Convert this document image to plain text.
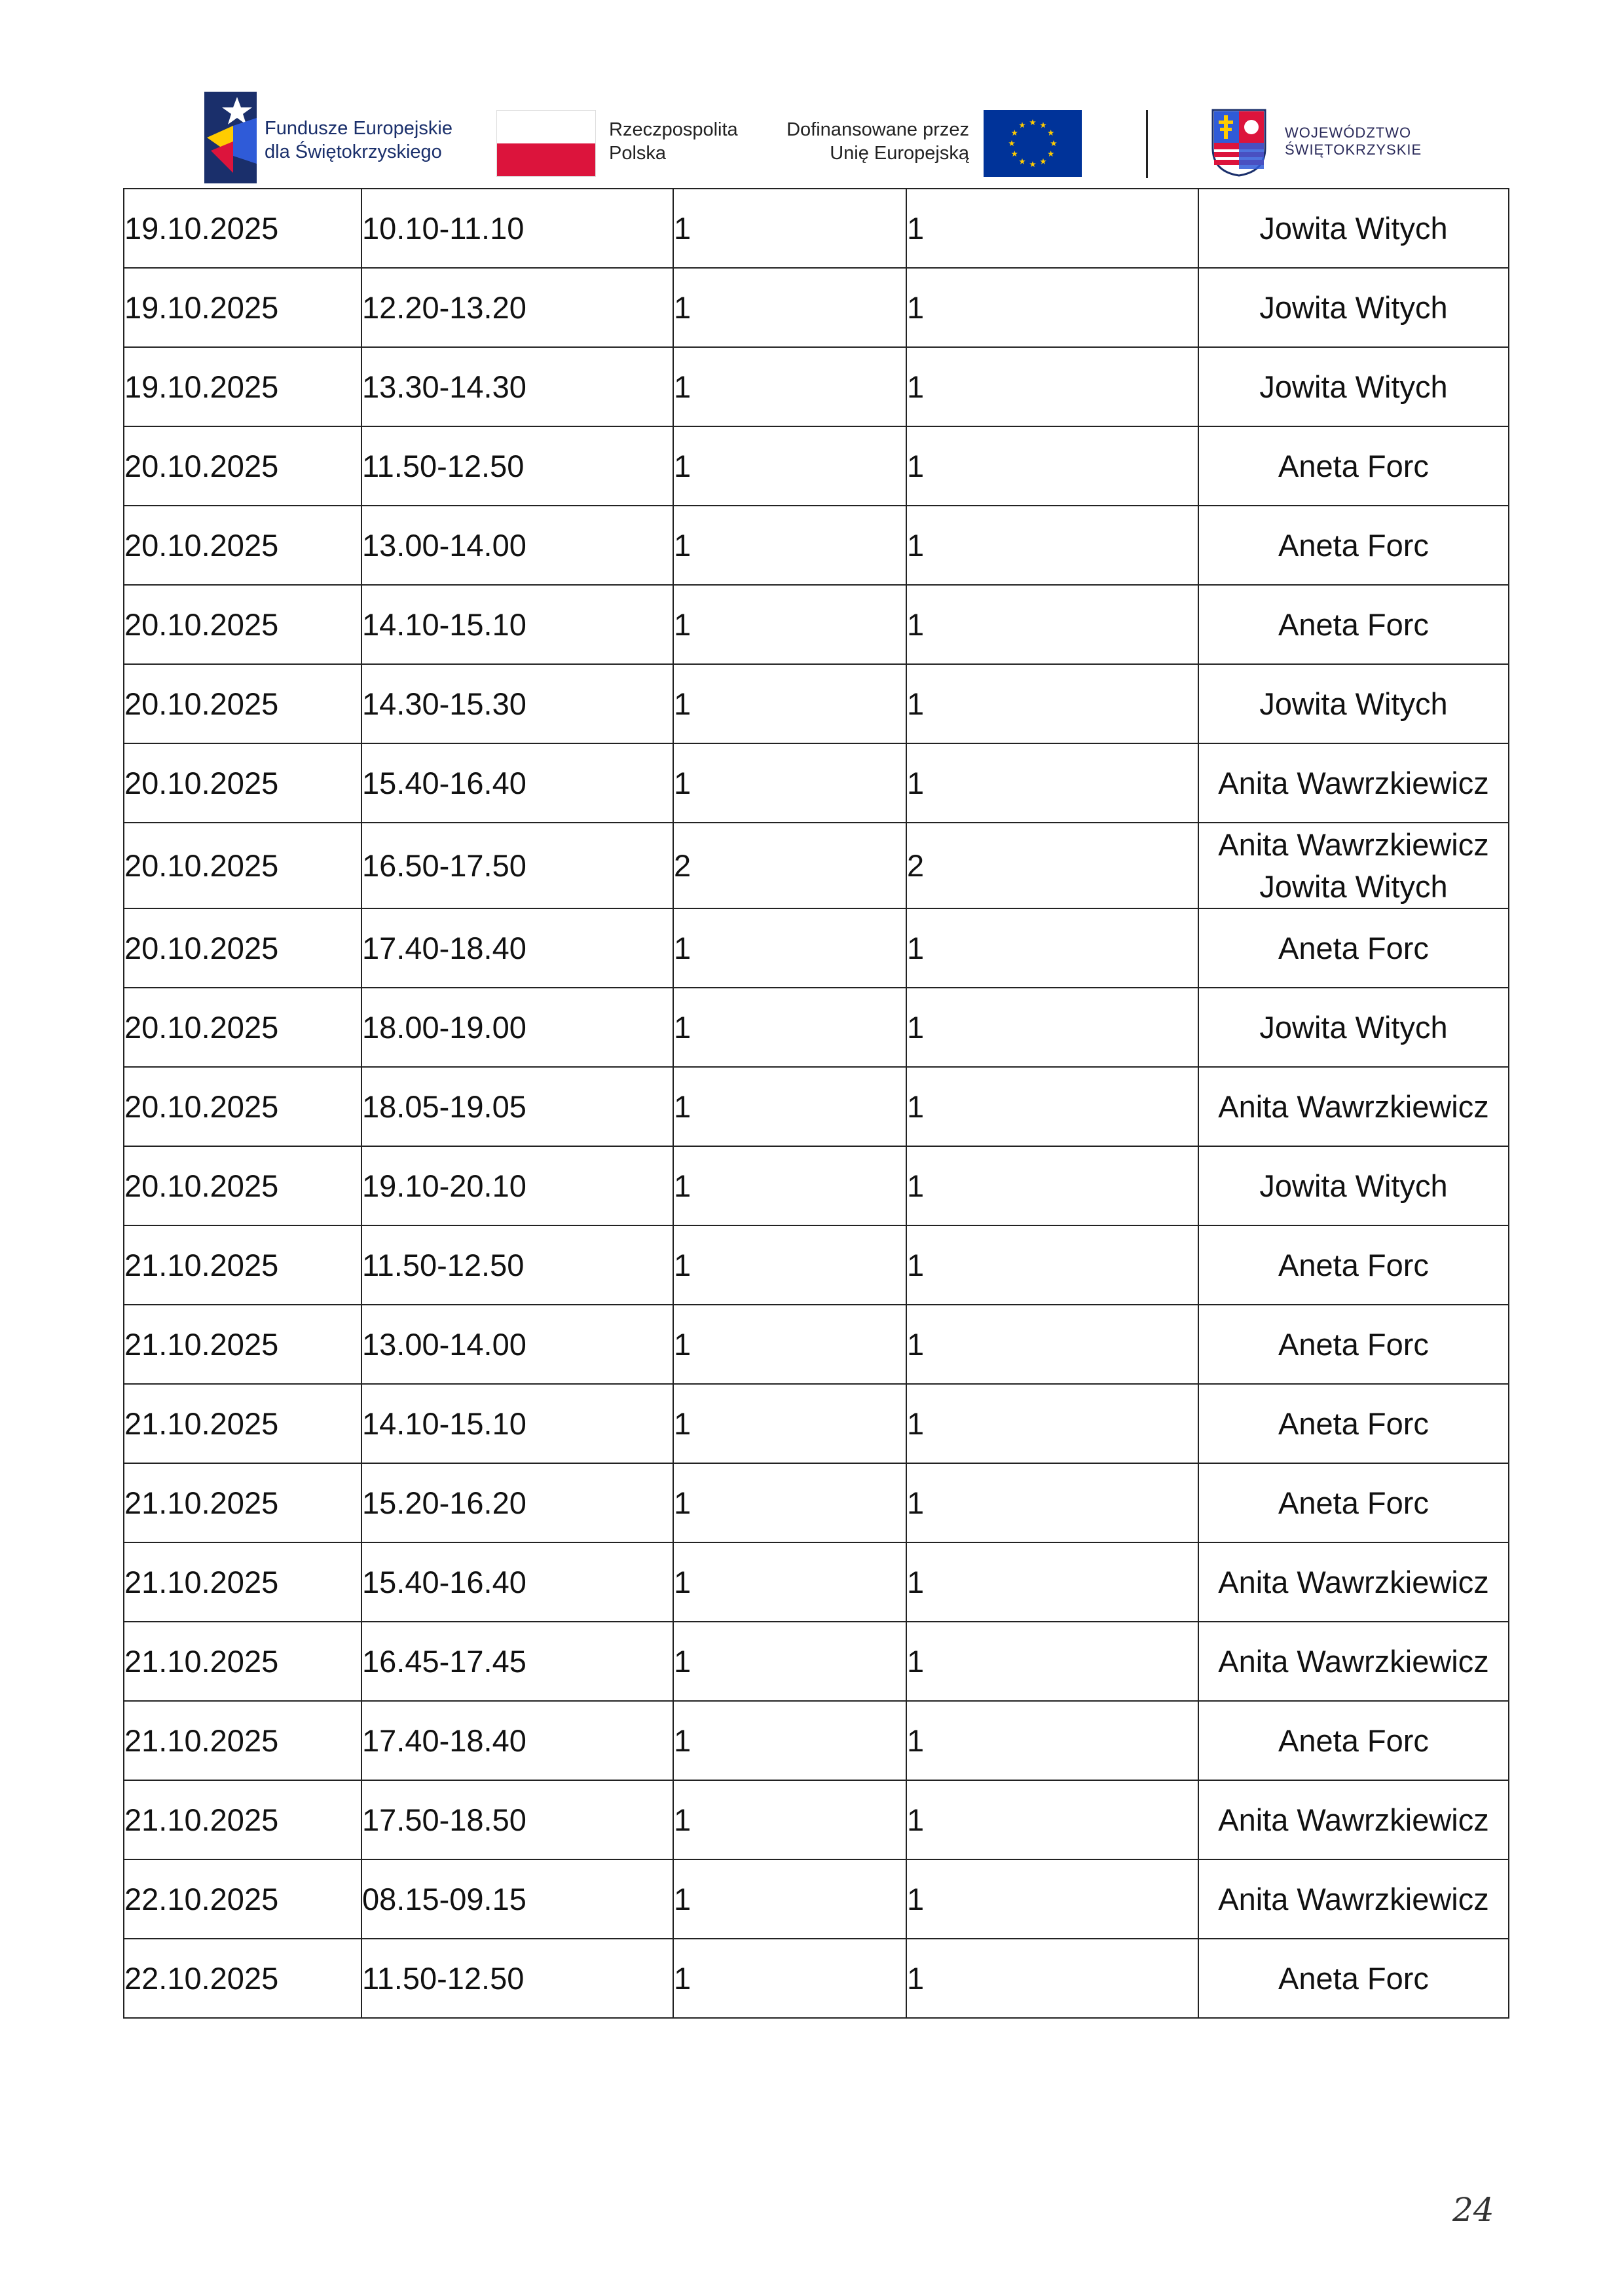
Fundusze Europejskie
dla Świętokrzyskiego
Rzeczpospolita
Polska
Dofinansowane przez
Unię Europejską
WOJEWÓDZTWO
ŚWIĘTOKRZYSKIE
19.10.2025	10.10-11.10	1	1	Jowita Witych

19.10.2025	12.20-13.20	1	1	Jowita Witych

19.10.2025	13.30-14.30	1	1	Jowita Witych

20.10.2025	11.50-12.50	1	1	Aneta Forc

20.10.2025	13.00-14.00	1	1	Aneta Forc

20.10.2025	14.10-15.10	1	1	Aneta Forc

20.10.2025	14.30-15.30	1	1	Jowita Witych

20.10.2025	15.40-16.40	1	1	Anita Wawrzkiewicz

20.10.2025	16.50-17.50	2	2	Anita Wawrzkiewicz
Jowita Witych

20.10.2025	17.40-18.40	1	1	Aneta Forc

20.10.2025	18.00-19.00	1	1	Jowita Witych

20.10.2025	18.05-19.05	1	1	Anita Wawrzkiewicz

20.10.2025	19.10-20.10	1	1	Jowita Witych

21.10.2025	11.50-12.50	1	1	Aneta Forc

21.10.2025	13.00-14.00	1	1	Aneta Forc

21.10.2025	14.10-15.10	1	1	Aneta Forc

21.10.2025	15.20-16.20	1	1	Aneta Forc

21.10.2025	15.40-16.40	1	1	Anita Wawrzkiewicz

21.10.2025	16.45-17.45	1	1	Anita Wawrzkiewicz

21.10.2025	17.40-18.40	1	1	Aneta Forc

21.10.2025	17.50-18.50	1	1	Anita Wawrzkiewicz

22.10.2025	08.15-09.15	1	1	Anita Wawrzkiewicz

22.10.2025	11.50-12.50	1	1	Aneta Forc
24
